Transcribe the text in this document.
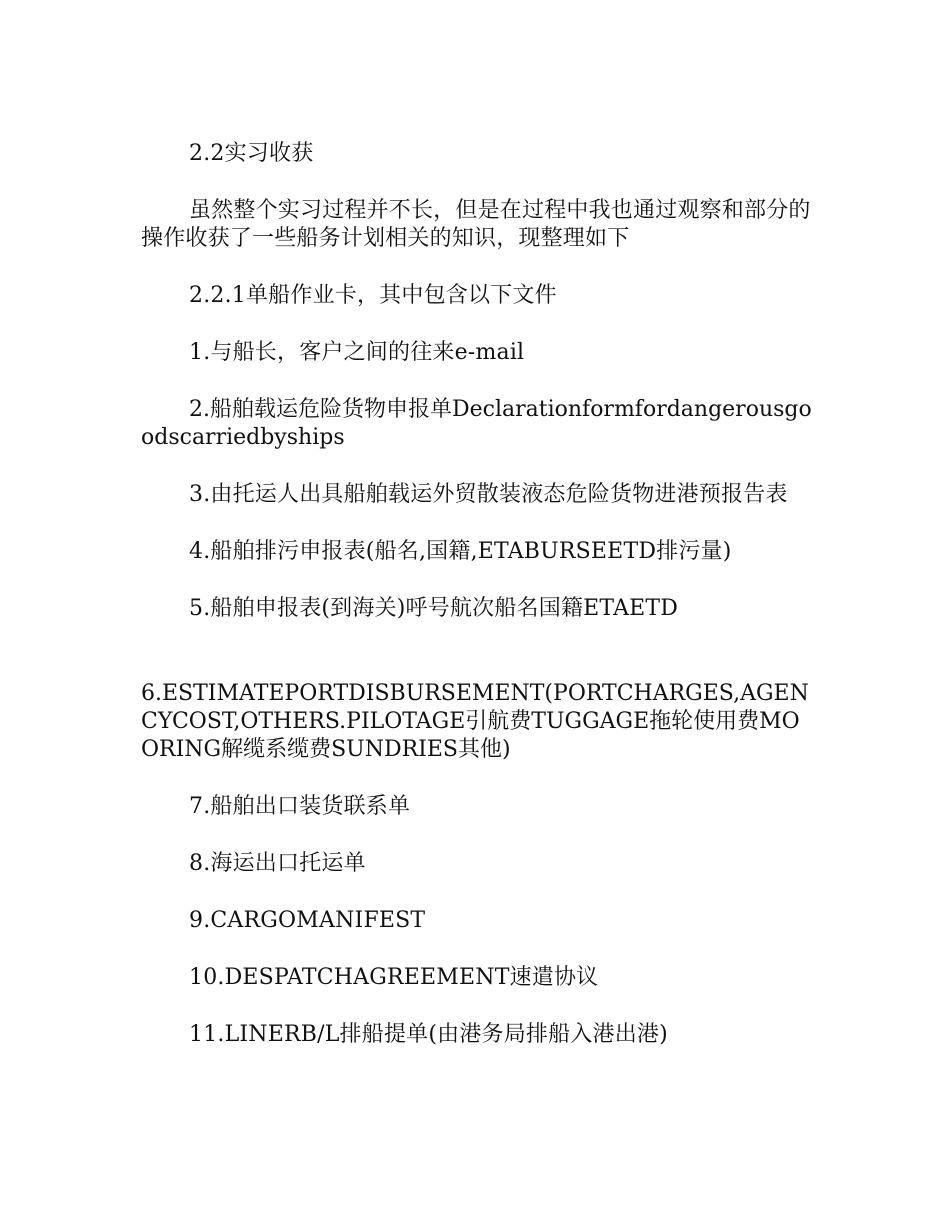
2.2实习收获

虽然整个实习过程并不长，但是在过程中我也通过观察和部分的操作收获了一些船务计划相关的知识，现整理如下

2.2.1单船作业卡，其中包含以下文件

1.与船长，客户之间的往来e-mail

2.船舶载运危险货物申报单Declarationformfordangerousgoodscarriedbyships

3.由托运人出具船舶载运外贸散装液态危险货物进港预报告表

4.船舶排污申报表(船名,国籍,ETABURSEETD排污量)

5.船舶申报表(到海关)呼号航次船名国籍ETAETD

6.ESTIMATEPORTDISBURSEMENT(PORTCHARGES,AGENCYCOST,OTHERS.PILOTAGE引航费TUGGAGE拖轮使用费MOORING解缆系缆费SUNDRIES其他)

7.船舶出口装货联系单

8.海运出口托运单

9.CARGOMANIFEST

10.DESPATCHAGREEMENT速遣协议

11.LINERB/L排船提单(由港务局排船入港出港)
